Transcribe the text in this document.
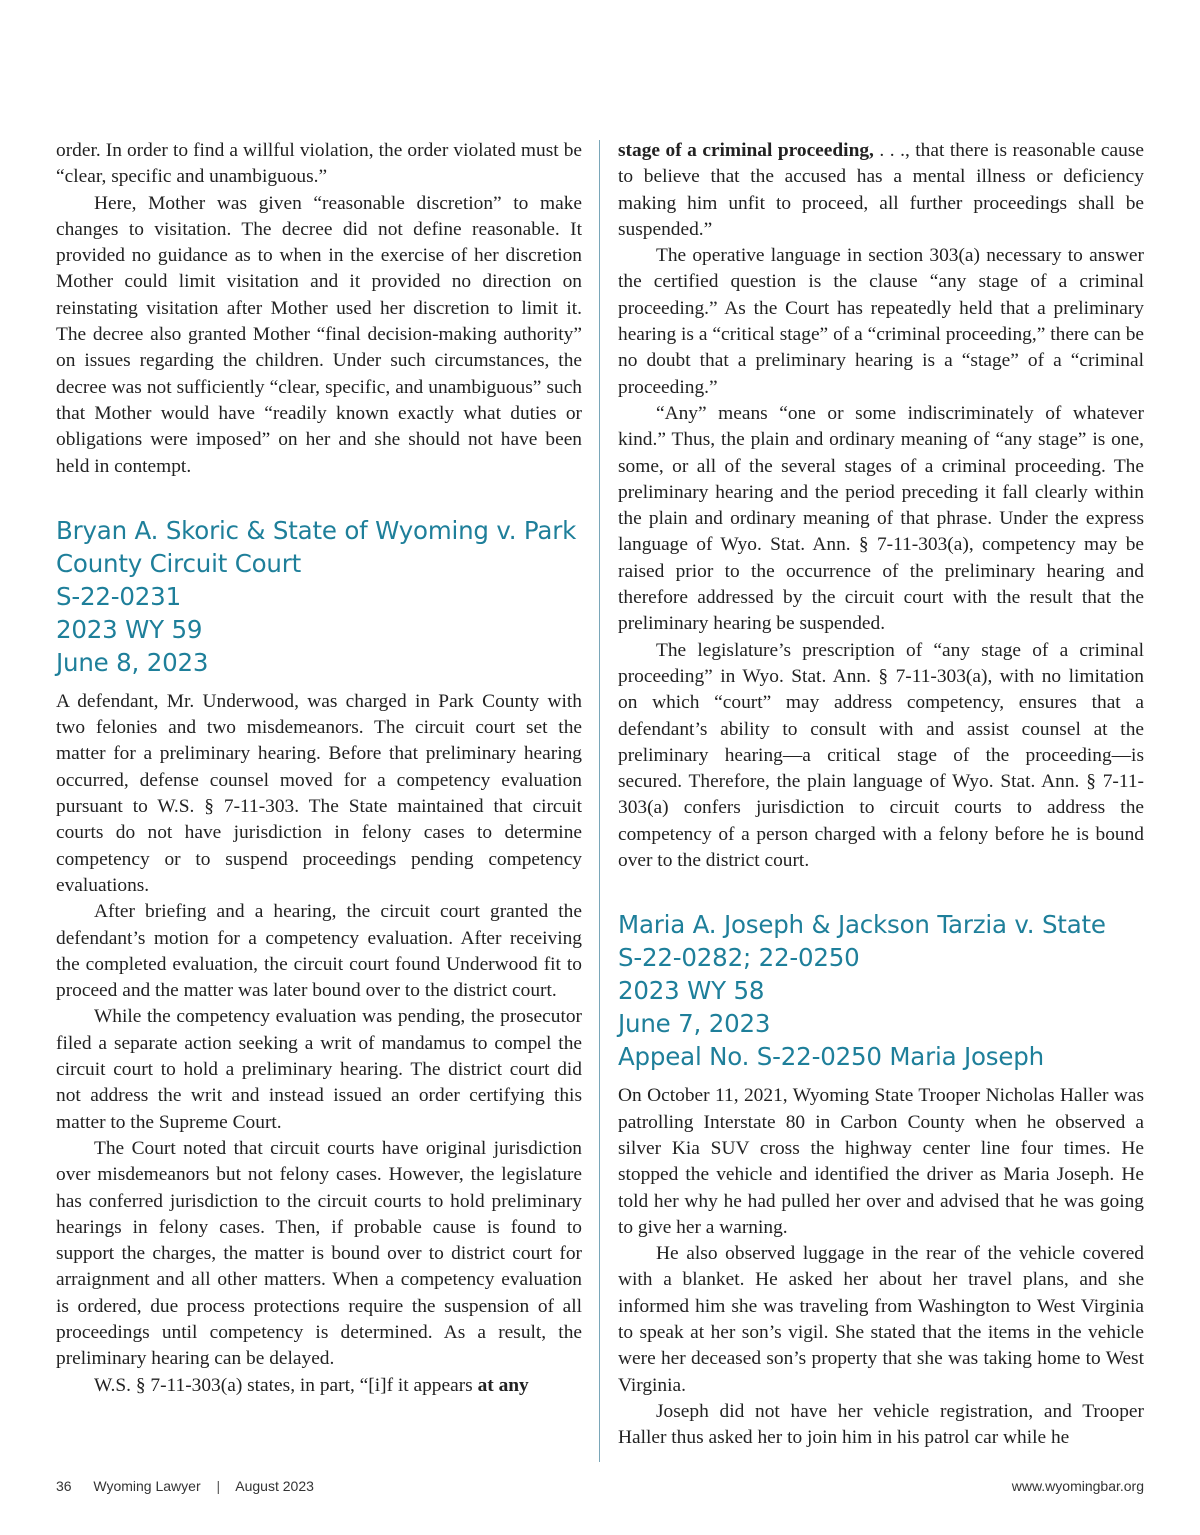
order. In order to find a willful violation, the order violated must be “clear, specific and unambiguous.”

Here, Mother was given “reasonable discretion” to make changes to visitation. The decree did not define reasonable. It provided no guidance as to when in the exercise of her discretion Mother could limit visitation and it provided no direction on reinstating visitation after Mother used her discretion to limit it. The decree also granted Mother “final decision-making authority” on issues regarding the children. Under such circumstances, the decree was not sufficiently “clear, specific, and unambiguous” such that Mother would have “readily known exactly what duties or obligations were imposed” on her and she should not have been held in contempt.

Bryan A. Skoric & State of Wyoming v. Park County Circuit Court
S-22-0231
2023 WY 59
June 8, 2023

A defendant, Mr. Underwood, was charged in Park County with two felonies and two misdemeanors. The circuit court set the matter for a preliminary hearing. Before that preliminary hearing occurred, defense counsel moved for a competency evaluation pursuant to W.S. § 7-11-303. The State maintained that circuit courts do not have jurisdiction in felony cases to determine competency or to suspend proceedings pending competency evaluations.

After briefing and a hearing, the circuit court granted the defendant’s motion for a competency evaluation. After receiving the completed evaluation, the circuit court found Underwood fit to proceed and the matter was later bound over to the district court.

While the competency evaluation was pending, the prosecutor filed a separate action seeking a writ of mandamus to compel the circuit court to hold a preliminary hearing. The district court did not address the writ and instead issued an order certifying this matter to the Supreme Court.

The Court noted that circuit courts have original jurisdiction over misdemeanors but not felony cases. However, the legislature has conferred jurisdiction to the circuit courts to hold preliminary hearings in felony cases. Then, if probable cause is found to support the charges, the matter is bound over to district court for arraignment and all other matters. When a competency evaluation is ordered, due process protections require the suspension of all proceedings until competency is determined. As a result, the preliminary hearing can be delayed.

W.S. § 7-11-303(a) states, in part, “[i]f it appears at any

stage of a criminal proceeding, . . ., that there is reasonable cause to believe that the accused has a mental illness or deficiency making him unfit to proceed, all further proceedings shall be suspended.”

The operative language in section 303(a) necessary to answer the certified question is the clause “any stage of a criminal proceeding.” As the Court has repeatedly held that a preliminary hearing is a “critical stage” of a “criminal proceeding,” there can be no doubt that a preliminary hearing is a “stage” of a “criminal proceeding.”

“Any” means “one or some indiscriminately of whatever kind.” Thus, the plain and ordinary meaning of “any stage” is one, some, or all of the several stages of a criminal proceeding. The preliminary hearing and the period preceding it fall clearly within the plain and ordinary meaning of that phrase. Under the express language of Wyo. Stat. Ann. § 7-11-303(a), competency may be raised prior to the occurrence of the preliminary hearing and therefore addressed by the circuit court with the result that the preliminary hearing be suspended.

The legislature’s prescription of “any stage of a criminal proceeding” in Wyo. Stat. Ann. § 7-11-303(a), with no limitation on which “court” may address competency, ensures that a defendant’s ability to consult with and assist counsel at the preliminary hearing—a critical stage of the proceeding—is secured. Therefore, the plain language of Wyo. Stat. Ann. § 7-11-303(a) confers jurisdiction to circuit courts to address the competency of a person charged with a felony before he is bound over to the district court.

Maria A. Joseph & Jackson Tarzia v. State
S-22-0282; 22-0250
2023 WY 58
June 7, 2023
Appeal No. S-22-0250 Maria Joseph

On October 11, 2021, Wyoming State Trooper Nicholas Haller was patrolling Interstate 80 in Carbon County when he observed a silver Kia SUV cross the highway center line four times. He stopped the vehicle and identified the driver as Maria Joseph. He told her why he had pulled her over and advised that he was going to give her a warning.

He also observed luggage in the rear of the vehicle covered with a blanket. He asked her about her travel plans, and she informed him she was traveling from Washington to West Virginia to speak at her son’s vigil. She stated that the items in the vehicle were her deceased son’s property that she was taking home to West Virginia.

Joseph did not have her vehicle registration, and Trooper Haller thus asked her to join him in his patrol car while he

36 Wyoming Lawyer | August 2023	www.wyomingbar.org
